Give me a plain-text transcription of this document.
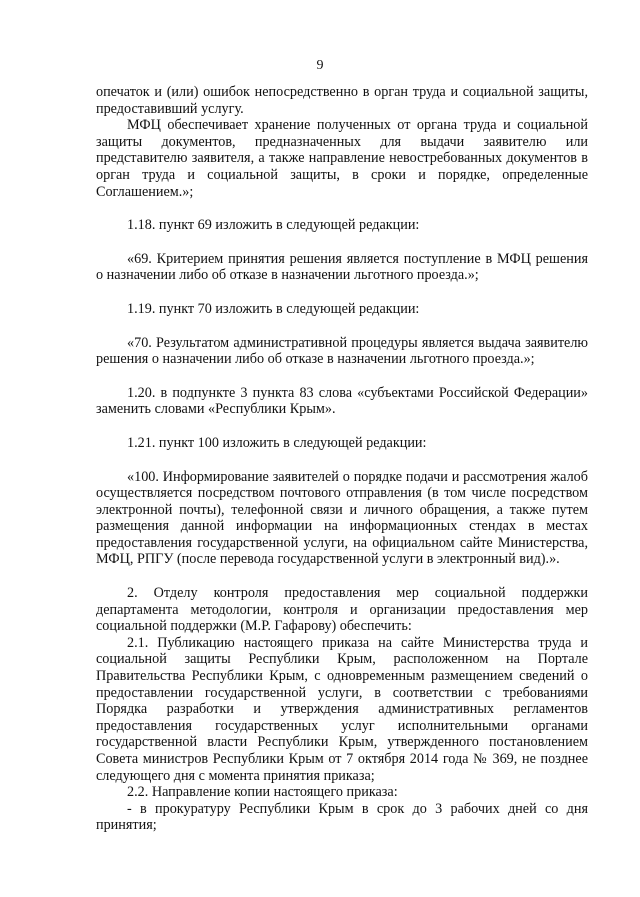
9

опечаток и (или) ошибок непосредственно в орган труда и социальной защиты, предоставивший услугу.

МФЦ обеспечивает хранение полученных от органа труда и социальной защиты документов, предназначенных для выдачи заявителю или представителю заявителя, а также направление невостребованных документов в орган труда и социальной защиты, в сроки и порядке, определенные Соглашением.»;

1.18. пункт 69 изложить в следующей редакции:

«69. Критерием принятия решения является поступление в МФЦ решения о назначении либо об отказе в назначении льготного проезда.»;

1.19. пункт 70 изложить в следующей редакции:

«70. Результатом административной процедуры является выдача заявителю решения о назначении либо об отказе в назначении льготного проезда.»;

1.20. в подпункте 3 пункта 83 слова «субъектами Российской Федерации» заменить словами «Республики Крым».

1.21. пункт 100 изложить в следующей редакции:

«100. Информирование заявителей о порядке подачи и рассмотрения жалоб осуществляется посредством почтового отправления (в том числе посредством электронной почты), телефонной связи и личного обращения, а также путем размещения данной информации на информационных стендах в местах предоставления государственной услуги, на официальном сайте Министерства, МФЦ, РПГУ (после перевода государственной услуги в электронный вид).».

2. Отделу контроля предоставления мер социальной поддержки департамента методологии, контроля и организации предоставления мер социальной поддержки (М.Р. Гафарову) обеспечить:

2.1. Публикацию настоящего приказа на сайте Министерства труда и социальной защиты Республики Крым, расположенном на Портале Правительства Республики Крым, с одновременным размещением сведений о предоставлении государственной услуги, в соответствии с требованиями Порядка разработки и утверждения административных регламентов предоставления государственных услуг исполнительными органами государственной власти Республики Крым, утвержденного постановлением Совета министров Республики Крым от 7 октября 2014 года № 369, не позднее следующего дня с момента принятия приказа;

2.2. Направление копии настоящего приказа:

- в прокуратуру Республики Крым в срок до 3 рабочих дней со дня принятия;
